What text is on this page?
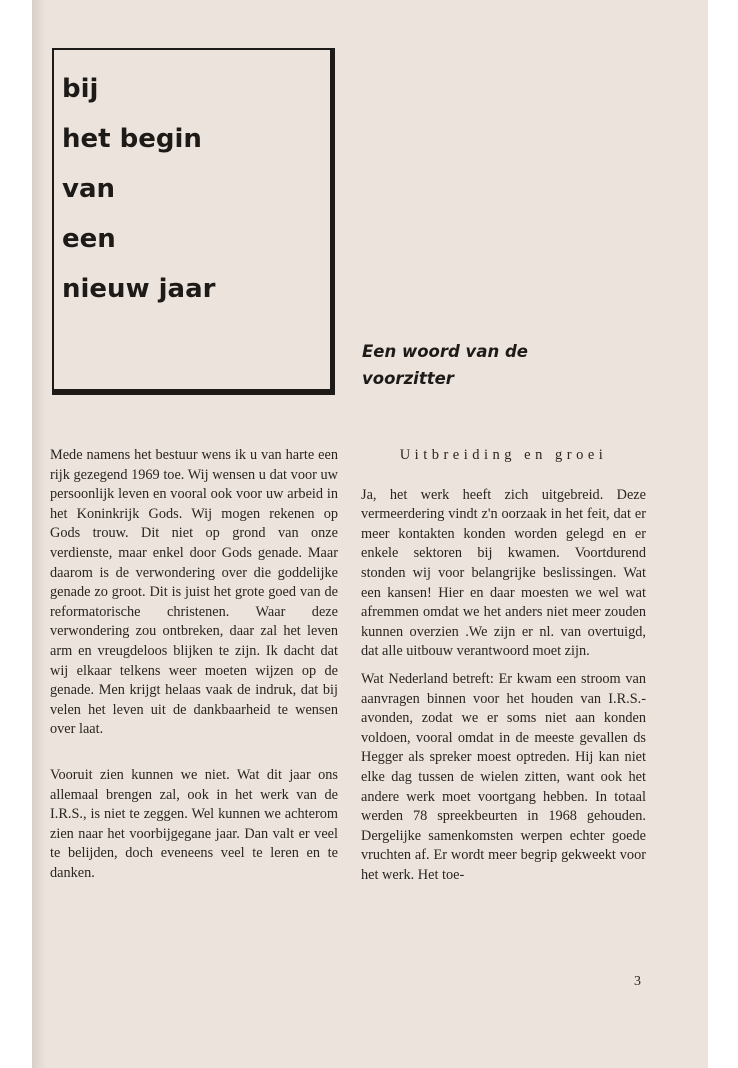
bij
het begin
van
een
nieuw jaar

Een woord van de
voorzitter

Mede namens het bestuur wens ik u van harte een rijk gezegend 1969 toe. Wij wensen u dat voor uw persoonlijk leven en vooral ook voor uw arbeid in het Koninkrijk Gods. Wij mogen rekenen op Gods trouw. Dit niet op grond van onze verdienste, maar enkel door Gods genade. Maar daarom is de verwondering over die goddelijke genade zo groot. Dit is juist het grote goed van de reformatorische christenen. Waar deze verwondering zou ontbreken, daar zal het leven arm en vreugdeloos blijken te zijn. Ik dacht dat wij elkaar telkens weer moeten wijzen op de genade. Men krijgt helaas vaak de indruk, dat bij velen het leven uit de dankbaarheid te wensen over laat.

Vooruit zien kunnen we niet. Wat dit jaar ons allemaal brengen zal, ook in het werk van de I.R.S., is niet te zeggen. Wel kunnen we achterom zien naar het voorbijgegane jaar. Dan valt er veel te belijden, doch eveneens veel te leren en te danken.

Uitbreiding en groei

Ja, het werk heeft zich uitgebreid. Deze vermeerdering vindt z'n oorzaak in het feit, dat er meer kontakten konden worden gelegd en er enkele sektoren bij kwamen. Voortdurend stonden wij voor belangrijke beslissingen. Wat een kansen! Hier en daar moesten we wel wat afremmen omdat we het anders niet meer zouden kunnen overzien .We zijn er nl. van overtuigd, dat alle uitbouw verantwoord moet zijn.

Wat Nederland betreft: Er kwam een stroom van aanvragen binnen voor het houden van I.R.S.-avonden, zodat we er soms niet aan konden voldoen, vooral omdat in de meeste gevallen ds Hegger als spreker moest optreden. Hij kan niet elke dag tussen de wielen zitten, want ook het andere werk moet voortgang hebben. In totaal werden 78 spreekbeurten in 1968 gehouden. Dergelijke samenkomsten werpen echter goede vruchten af. Er wordt meer begrip gekweekt voor het werk. Het toe-

3
